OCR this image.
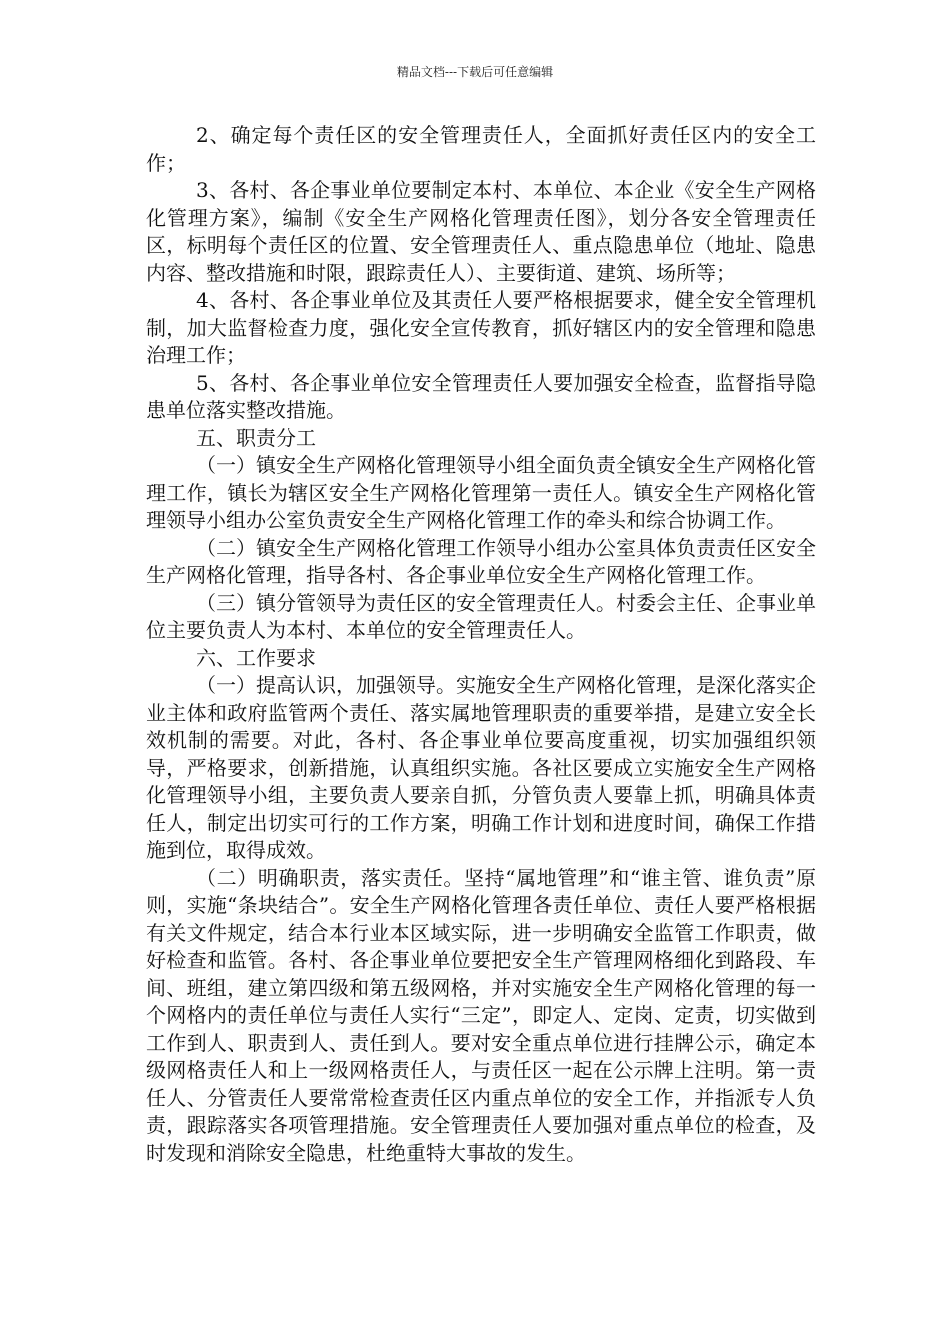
精品文档---下载后可任意编辑

2、确定每个责任区的安全管理责任人，全面抓好责任区内的安全工作；

3、各村、各企事业单位要制定本村、本单位、本企业《安全生产网格化管理方案》，编制《安全生产网格化管理责任图》，划分各安全管理责任区，标明每个责任区的位置、安全管理责任人、重点隐患单位（地址、隐患内容、整改措施和时限，跟踪责任人）、主要街道、建筑、场所等；

4、各村、各企事业单位及其责任人要严格根据要求，健全安全管理机制，加大监督检查力度，强化安全宣传教育，抓好辖区内的安全管理和隐患治理工作；

5、各村、各企事业单位安全管理责任人要加强安全检查，监督指导隐患单位落实整改措施。

五、职责分工

（一）镇安全生产网格化管理领导小组全面负责全镇安全生产网格化管理工作，镇长为辖区安全生产网格化管理第一责任人。镇安全生产网格化管理领导小组办公室负责安全生产网格化管理工作的牵头和综合协调工作。

（二）镇安全生产网格化管理工作领导小组办公室具体负责责任区安全生产网格化管理，指导各村、各企事业单位安全生产网格化管理工作。

（三）镇分管领导为责任区的安全管理责任人。村委会主任、企事业单位主要负责人为本村、本单位的安全管理责任人。

六、工作要求

（一）提高认识，加强领导。实施安全生产网格化管理，是深化落实企业主体和政府监管两个责任、落实属地管理职责的重要举措，是建立安全长效机制的需要。对此，各村、各企事业单位要高度重视，切实加强组织领导，严格要求，创新措施，认真组织实施。各社区要成立实施安全生产网格化管理领导小组，主要负责人要亲自抓，分管负责人要靠上抓，明确具体责任人，制定出切实可行的工作方案，明确工作计划和进度时间，确保工作措施到位，取得成效。

（二）明确职责，落实责任。坚持“属地管理”和“谁主管、谁负责”原则，实施“条块结合”。安全生产网格化管理各责任单位、责任人要严格根据有关文件规定，结合本行业本区域实际，进一步明确安全监管工作职责，做好检查和监管。各村、各企事业单位要把安全生产管理网格细化到路段、车间、班组，建立第四级和第五级网格，并对实施安全生产网格化管理的每一个网格内的责任单位与责任人实行“三定”，即定人、定岗、定责，切实做到工作到人、职责到人、责任到人。要对安全重点单位进行挂牌公示，确定本级网格责任人和上一级网格责任人，与责任区一起在公示牌上注明。第一责任人、分管责任人要常常检查责任区内重点单位的安全工作，并指派专人负责，跟踪落实各项管理措施。安全管理责任人要加强对重点单位的检查，及时发现和消除安全隐患，杜绝重特大事故的发生。
